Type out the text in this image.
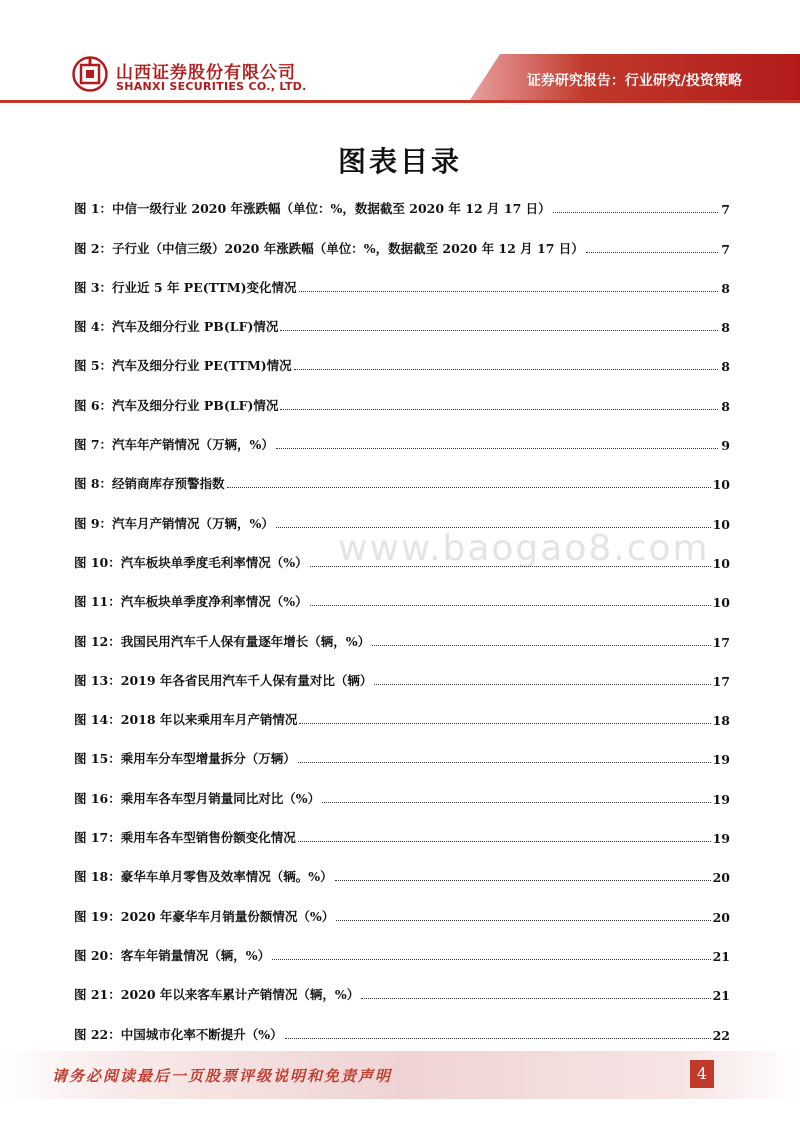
山西证券股份有限公司
SHANXI SECURITIES CO., LTD.	证券研究报告：行业研究/投资策略
图表目录
www.baogao8.com
图 1：中信一级行业 2020 年涨跌幅（单位：%，数据截至 2020 年 12 月 17 日）	7
图 2：子行业（中信三级）2020 年涨跌幅（单位：%，数据截至 2020 年 12 月 17 日）	7
图 3：行业近 5 年 PE(TTM)变化情况	8
图 4：汽车及细分行业 PB(LF)情况	8
图 5：汽车及细分行业 PE(TTM)情况	8
图 6：汽车及细分行业 PB(LF)情况	8
图 7：汽车年产销情况（万辆，%）	9
图 8：经销商库存预警指数	10
图 9：汽车月产销情况（万辆，%）	10
图 10：汽车板块单季度毛利率情况（%）	10
图 11：汽车板块单季度净利率情况（%）	10
图 12：我国民用汽车千人保有量逐年增长（辆，%）	17
图 13：2019 年各省民用汽车千人保有量对比（辆）	17
图 14：2018 年以来乘用车月产销情况	18
图 15：乘用车分车型增量拆分（万辆）	19
图 16：乘用车各车型月销量同比对比（%）	19
图 17：乘用车各车型销售份额变化情况	19
图 18：豪华车单月零售及效率情况（辆。%）	20
图 19：2020 年豪华车月销量份额情况（%）	20
图 20：客车年销量情况（辆，%）	21
图 21：2020 年以来客车累计产销情况（辆，%）	21
图 22：中国城市化率不断提升（%）	22
请务必阅读最后一页股票评级说明和免责声明	4
